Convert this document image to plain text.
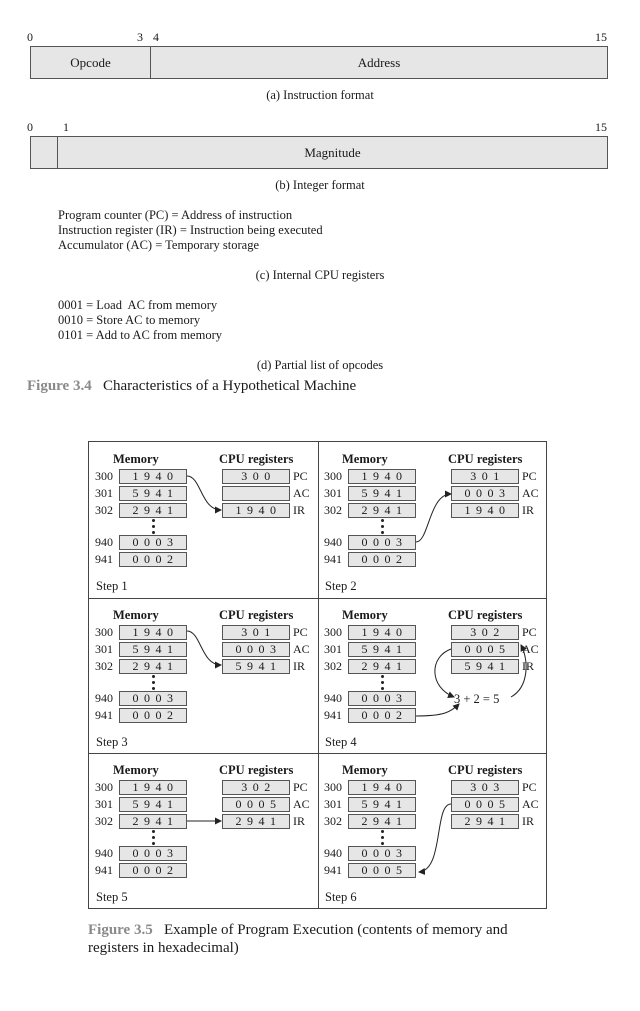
0	3 4	15
Opcode	Address
(a) Instruction format
0	1	15
Magnitude
(b) Integer format
Program counter (PC) = Address of instruction
Instruction register (IR) = Instruction being executed
Accumulator (AC) = Temporary storage
(c) Internal CPU registers
0001 = Load  AC from memory
0010 = Store AC to memory
0101 = Add to AC from memory
(d) Partial list of opcodes
Figure 3.4 Characteristics of a Hypothetical Machine
Memory	CPU registers
300	1940
301	5941
302	2941
940	0003
941	0002
300	PC
AC
1940 IR
Step 1
Memory	CPU registers
300	1940
301	5941
302	2941
940	0003
941	0002
301	PC
0003 AC
1940 IR
Step 2
Memory	CPU registers
300	1940
301	5941
302	2941
940	0003
941	0002
301	PC
0003 AC
5941 IR
Step 3
Memory	CPU registers
300	1940
301	5941
302	2941
940	0003
941	0002
302	PC
0005 AC
5941 IR
Step 4
Memory	CPU registers
300	1940
301	5941
302	2941
940	0003
941	0002
302	PC
0005 AC
2941 IR
Step 5
Memory	CPU registers
300	1940
301	5941
302	2941
940	0003
941	0005
303	PC
0005 AC
2941 IR
Step 6
3 + 2 = 5
Figure 3.5 Example of Program Execution (contents of memory and
registers in hexadecimal)
